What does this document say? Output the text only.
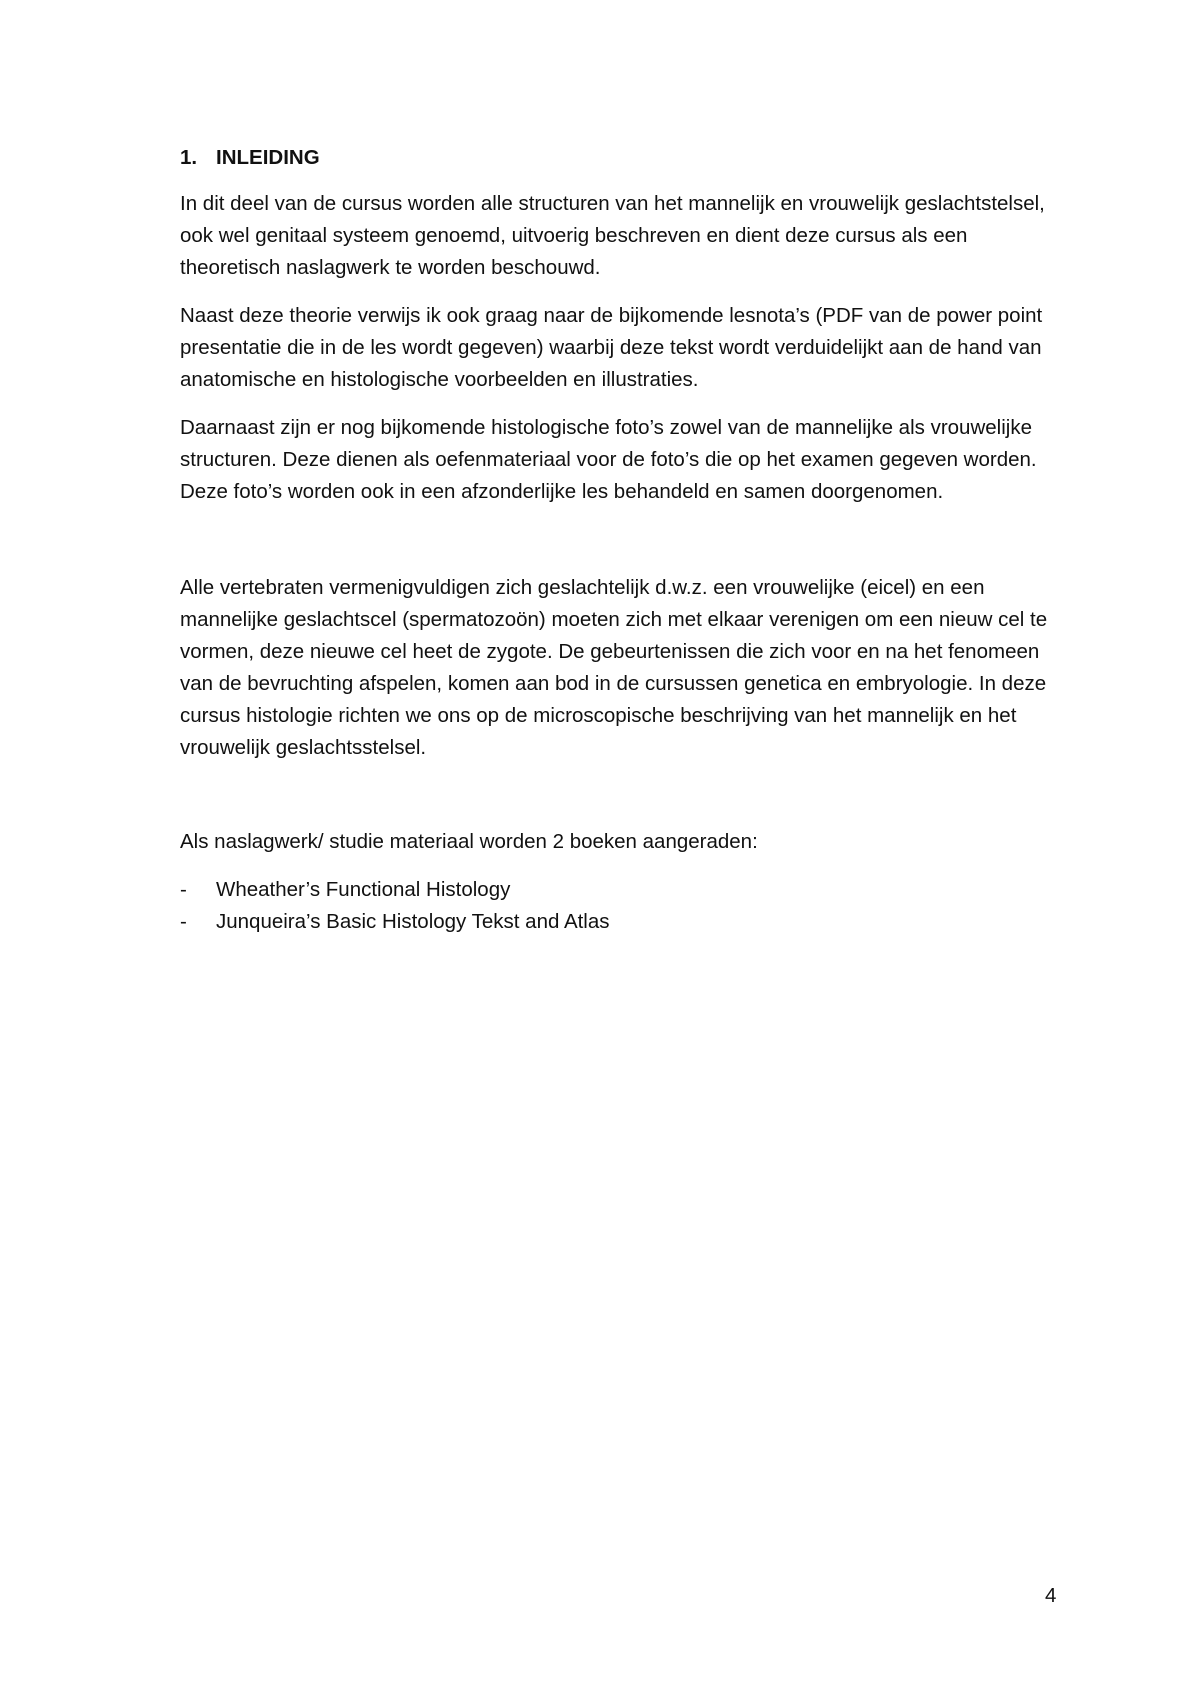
1. INLEIDING

In dit deel van de cursus worden alle structuren van het mannelijk en vrouwelijk geslachtstelsel, ook wel genitaal systeem genoemd, uitvoerig beschreven en dient deze cursus als een theoretisch naslagwerk te worden beschouwd.

Naast deze theorie verwijs ik ook graag naar de bijkomende lesnota’s (PDF van de power point presentatie die in de les wordt gegeven) waarbij deze tekst wordt verduidelijkt aan de hand van anatomische en histologische voorbeelden en illustraties.

Daarnaast zijn er nog bijkomende histologische foto’s zowel van de mannelijke als vrouwelijke structuren. Deze dienen als oefenmateriaal voor de foto’s die op het examen gegeven worden. Deze foto’s worden ook in een afzonderlijke les behandeld en samen doorgenomen.

Alle vertebraten vermenigvuldigen zich geslachtelijk d.w.z. een vrouwelijke (eicel) en een mannelijke geslachtscel (spermatozoön) moeten zich met elkaar verenigen om een nieuw cel te vormen, deze nieuwe cel heet de zygote. De gebeurtenissen die zich voor en na het fenomeen van de bevruchting afspelen, komen aan bod in de cursussen genetica en embryologie. In deze cursus histologie richten we ons op de microscopische beschrijving van het mannelijk en het vrouwelijk geslachtsstelsel.

Als naslagwerk/ studie materiaal worden 2 boeken aangeraden:

- Wheather’s Functional Histology
- Junqueira’s Basic Histology Tekst and Atlas
4
